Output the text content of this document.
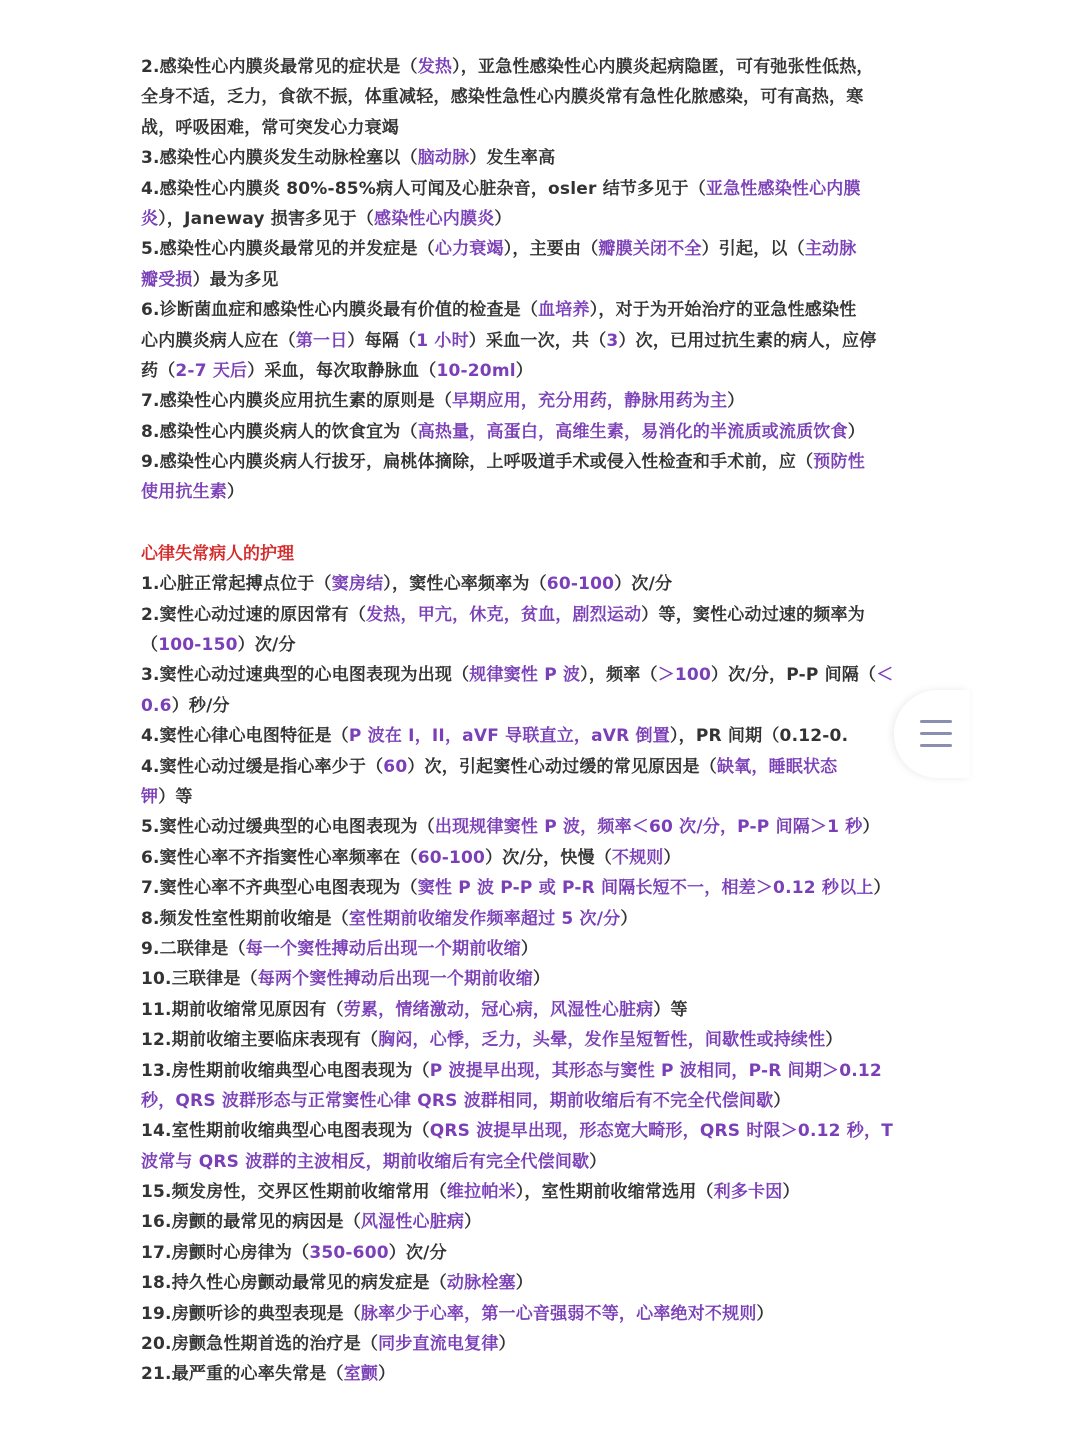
2.感染性心内膜炎最常见的症状是（发热），亚急性感染性心内膜炎起病隐匿，可有弛张性低热，
全身不适，乏力，食欲不振，体重减轻，感染性急性心内膜炎常有急性化脓感染，可有高热，寒
战，呼吸困难，常可突发心力衰竭
3.感染性心内膜炎发生动脉栓塞以（脑动脉）发生率高
4.感染性心内膜炎 80%-85%病人可闻及心脏杂音，osler 结节多见于（亚急性感染性心内膜
炎），Janeway 损害多见于（感染性心内膜炎）
5.感染性心内膜炎最常见的并发症是（心力衰竭），主要由（瓣膜关闭不全）引起，以（主动脉
瓣受损）最为多见
6.诊断菌血症和感染性心内膜炎最有价值的检查是（血培养），对于为开始治疗的亚急性感染性
心内膜炎病人应在（第一日）每隔（1 小时）采血一次，共（3）次，已用过抗生素的病人，应停
药（2-7 天后）采血，每次取静脉血（10-20ml）
7.感染性心内膜炎应用抗生素的原则是（早期应用，充分用药，静脉用药为主）
8.感染性心内膜炎病人的饮食宜为（高热量，高蛋白，高维生素，易消化的半流质或流质饮食）
9.感染性心内膜炎病人行拔牙，扁桃体摘除，上呼吸道手术或侵入性检查和手术前，应（预防性
使用抗生素）
心律失常病人的护理
1.心脏正常起搏点位于（窦房结），窦性心率频率为（60-100）次/分
2.窦性心动过速的原因常有（发热，甲亢，休克，贫血，剧烈运动）等，窦性心动过速的频率为
（100-150）次/分
3.窦性心动过速典型的心电图表现为出现（规律窦性 P 波），频率（＞100）次/分，P-P 间隔（＜
0.6）秒/分
4.窦性心律心电图特征是（P 波在 I，II，aVF 导联直立，aVR 倒置），PR 间期（0.12-0.
4.窦性心动过缓是指心率少于（60）次，引起窦性心动过缓的常见原因是（缺氧，睡眠状态
钾）等
5.窦性心动过缓典型的心电图表现为（出现规律窦性 P 波，频率＜60 次/分，P-P 间隔＞1 秒）
6.窦性心率不齐指窦性心率频率在（60-100）次/分，快慢（不规则）
7.窦性心率不齐典型心电图表现为（窦性 P 波 P-P 或 P-R 间隔长短不一，相差＞0.12 秒以上）
8.频发性室性期前收缩是（室性期前收缩发作频率超过 5 次/分）
9.二联律是（每一个窦性搏动后出现一个期前收缩）
10.三联律是（每两个窦性搏动后出现一个期前收缩）
11.期前收缩常见原因有（劳累，情绪激动，冠心病，风湿性心脏病）等
12.期前收缩主要临床表现有（胸闷，心悸，乏力，头晕，发作呈短暂性，间歇性或持续性）
13.房性期前收缩典型心电图表现为（P 波提早出现，其形态与窦性 P 波相同，P-R 间期＞0.12
秒，QRS 波群形态与正常窦性心律 QRS 波群相同，期前收缩后有不完全代偿间歇）
14.室性期前收缩典型心电图表现为（QRS 波提早出现，形态宽大畸形，QRS 时限＞0.12 秒，T
波常与 QRS 波群的主波相反，期前收缩后有完全代偿间歇）
15.频发房性，交界区性期前收缩常用（维拉帕米），室性期前收缩常选用（利多卡因）
16.房颤的最常见的病因是（风湿性心脏病）
17.房颤时心房律为（350-600）次/分
18.持久性心房颤动最常见的病发症是（动脉栓塞）
19.房颤听诊的典型表现是（脉率少于心率，第一心音强弱不等，心率绝对不规则）
20.房颤急性期首选的治疗是（同步直流电复律）
21.最严重的心率失常是（室颤）
